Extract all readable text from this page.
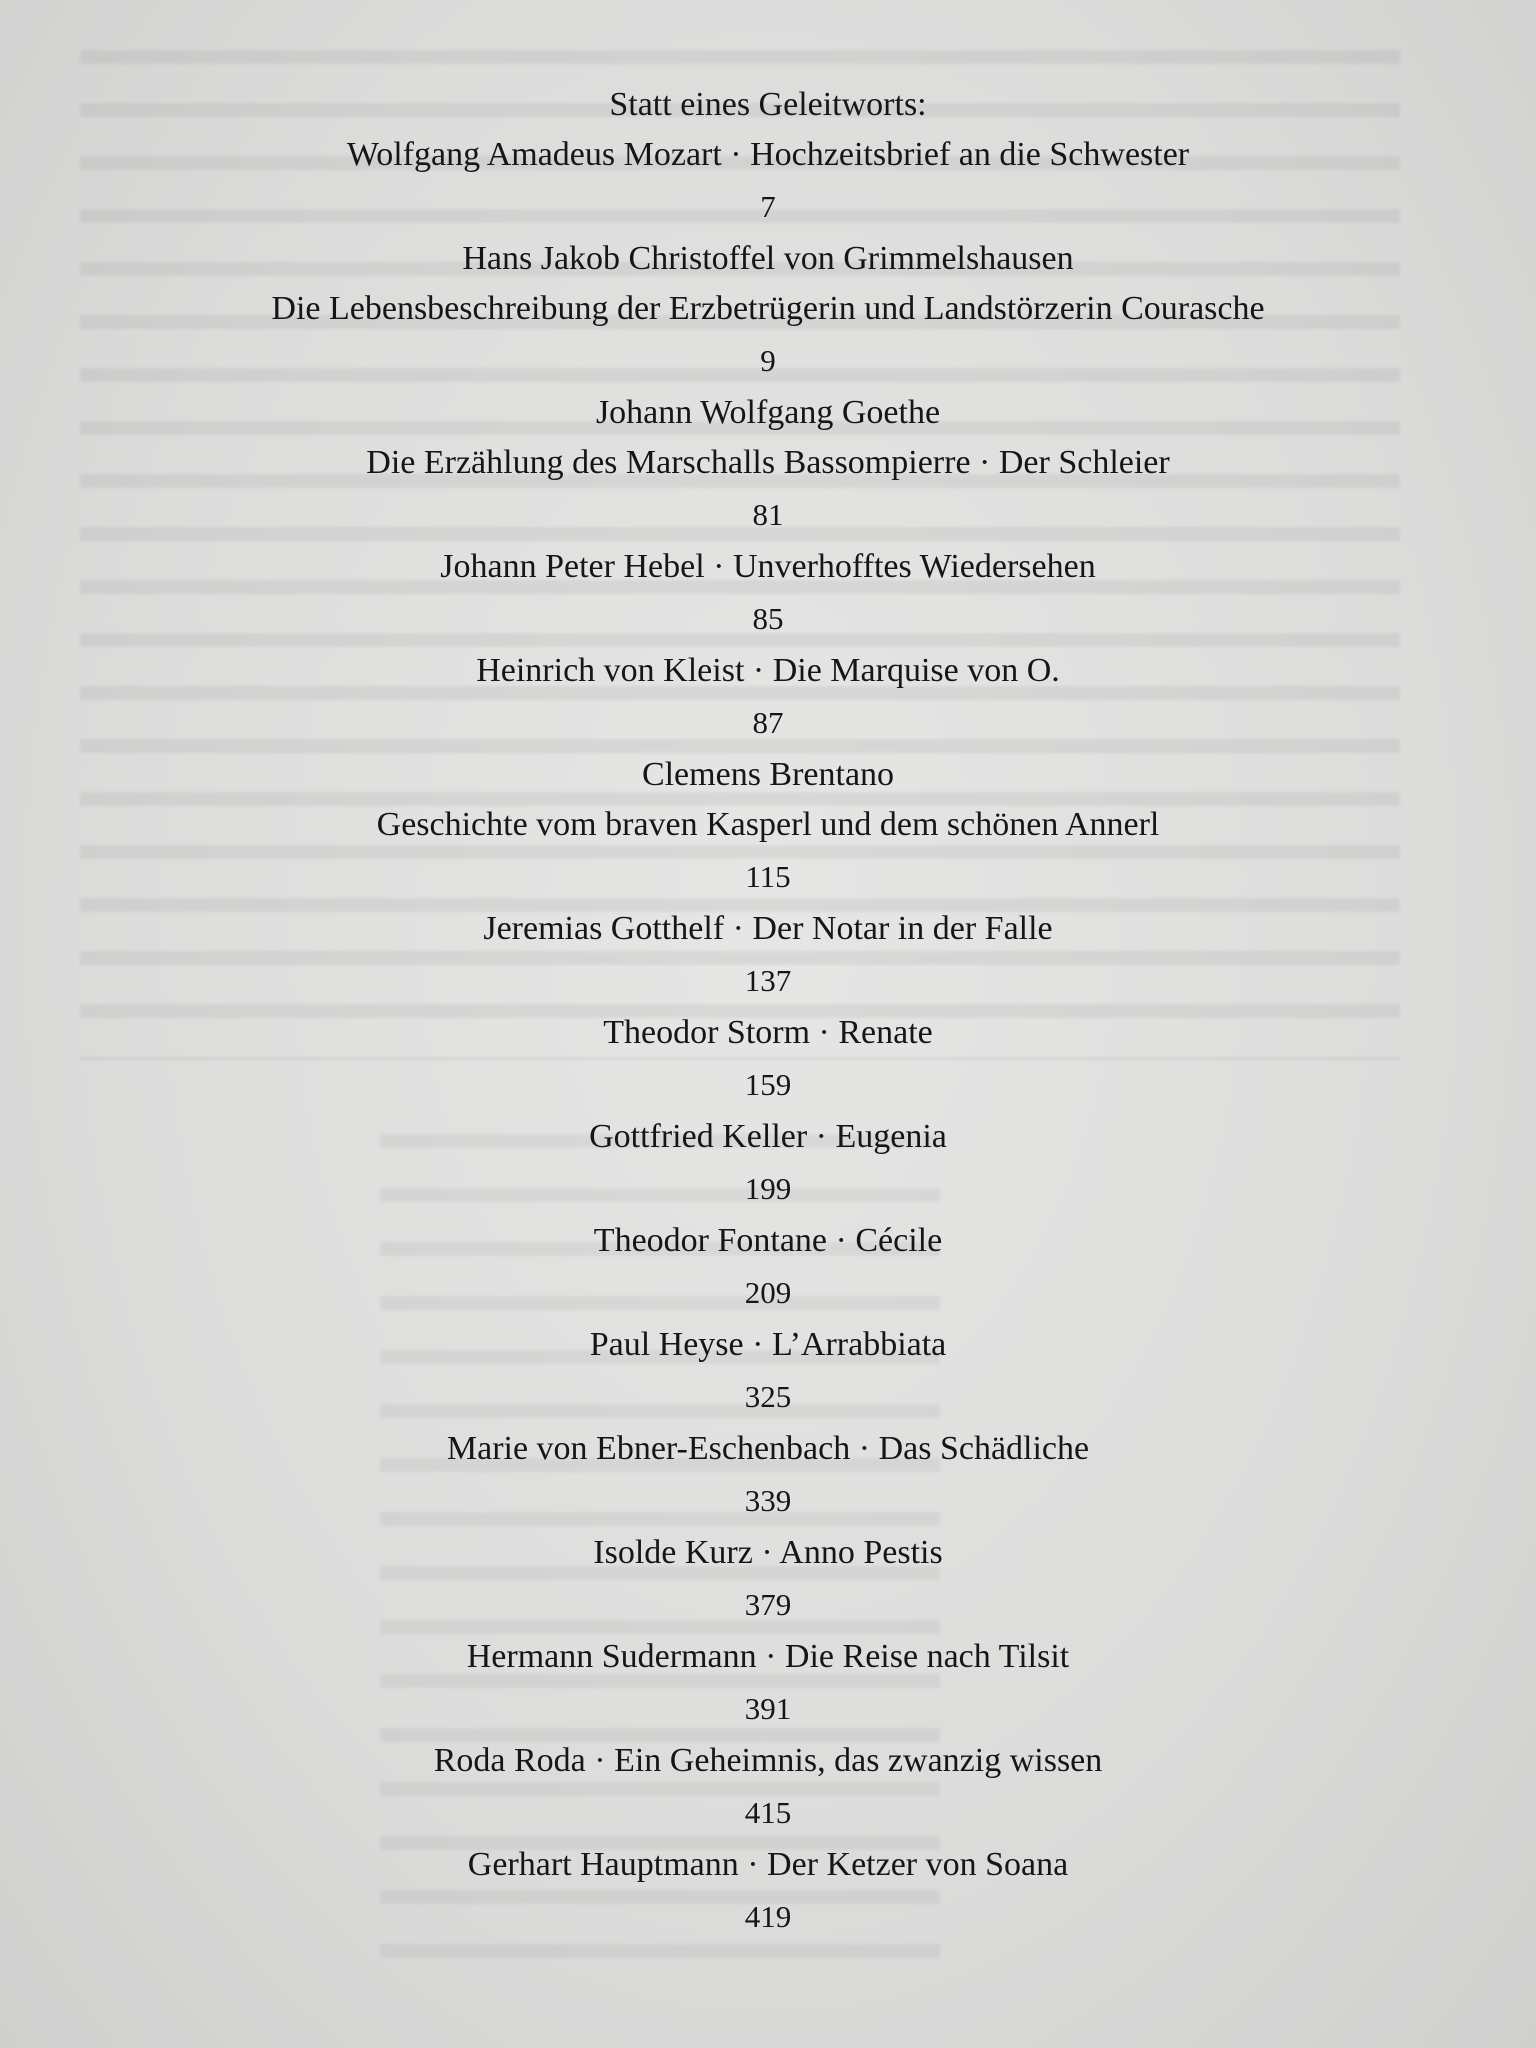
Statt eines Geleitworts:
Wolfgang Amadeus Mozart · Hochzeitsbrief an die Schwester
7
Hans Jakob Christoffel von Grimmelshausen
Die Lebensbeschreibung der Erzbetrügerin und Landstörzerin Courasche
9
Johann Wolfgang Goethe
Die Erzählung des Marschalls Bassompierre · Der Schleier
81
Johann Peter Hebel · Unverhofftes Wiedersehen
85
Heinrich von Kleist · Die Marquise von O.
87
Clemens Brentano
Geschichte vom braven Kasperl und dem schönen Annerl
115
Jeremias Gotthelf · Der Notar in der Falle
137
Theodor Storm · Renate
159
Gottfried Keller · Eugenia
199
Theodor Fontane · Cécile
209
Paul Heyse · L’Arrabbiata
325
Marie von Ebner-Eschenbach · Das Schädliche
339
Isolde Kurz · Anno Pestis
379
Hermann Sudermann · Die Reise nach Tilsit
391
Roda Roda · Ein Geheimnis, das zwanzig wissen
415
Gerhart Hauptmann · Der Ketzer von Soana
419
